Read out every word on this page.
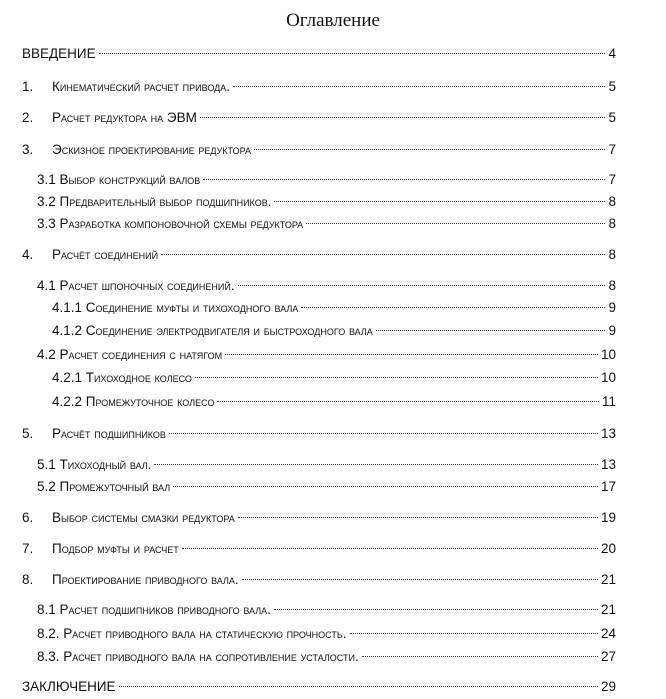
Оглавление
ВВЕДЕНИЕ	4
1. Кинематический расчет привода.	5
2. Расчет редуктора на ЭВМ	5
3. Эскизное проектирование редуктора	7
3.1 Выбор конструкций валов	7
3.2 Предварительный выбор подшипников.	8
3.3 Разработка компоновочной схемы редуктора	8
4. Расчёт соединений	8
4.1 Расчет шпоночных соединений.	8
4.1.1 Соединение муфты и тихоходного вала	9
4.1.2 Соединение электродвигателя и быстроходного вала	9
4.2 Расчет соединения с натягом	10
4.2.1 Тихоходное колесо	10
4.2.2 Промежуточное колесо	11
5. Расчёт подшипников	13
5.1 Тихоходный вал.	13
5.2 Промежуточный вал	17
6. Выбор системы смазки редуктора	19
7. Подбор муфты и расчет	20
8. Проектирование приводного вала.	21
8.1 Расчет подшипников приводного вала.	21
8.2. Расчет приводного вала на статическую прочность.	24
8.3. Расчет приводного вала на сопротивление усталости.	27
ЗАКЛЮЧЕНИЕ	29
